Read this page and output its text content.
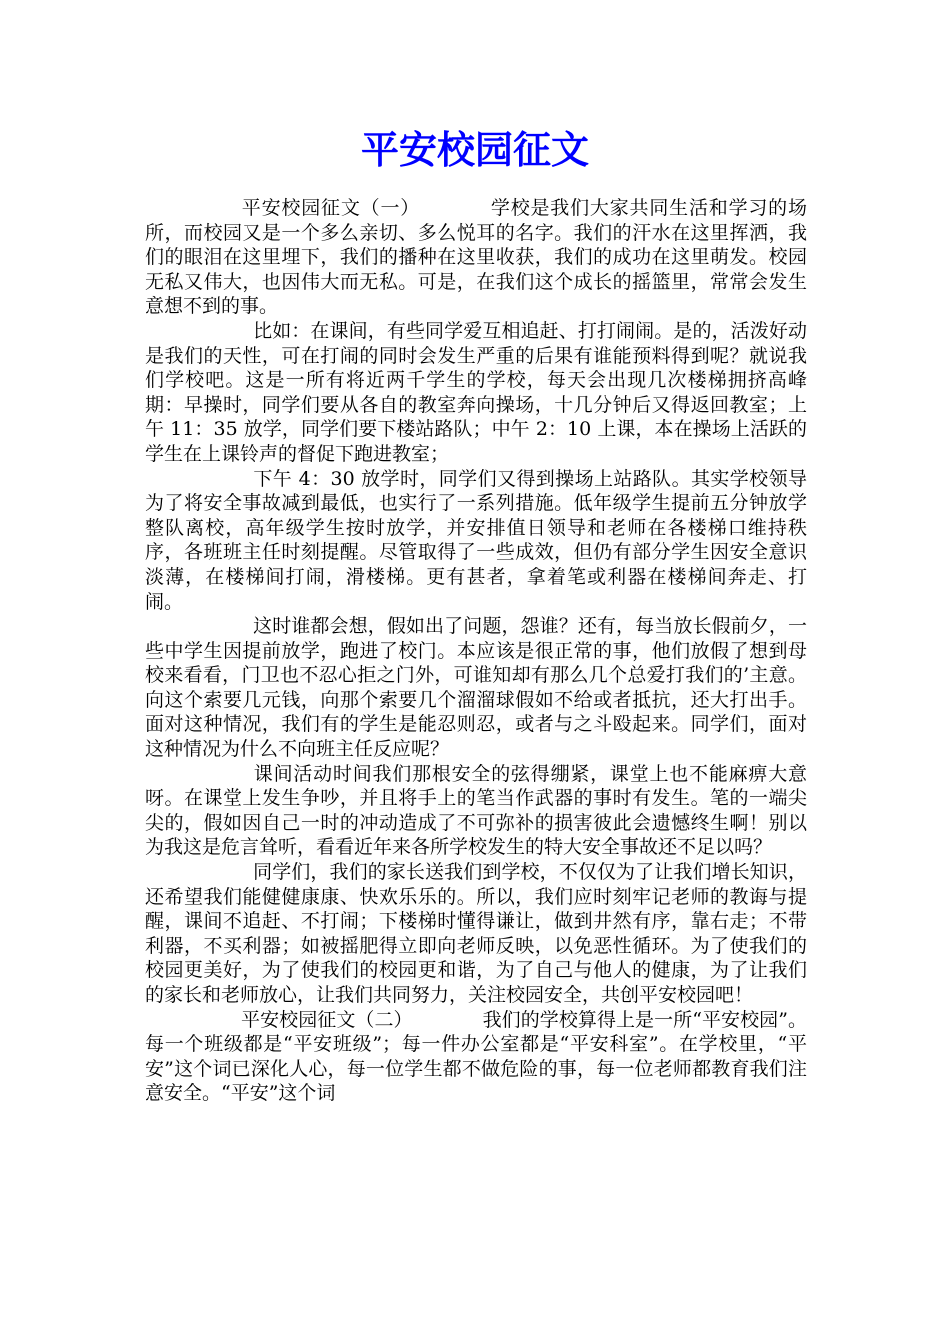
平安校园征文

平安校园征文（一）	学校是我们大家共同生活和学习的场所，而校园又是一个多么亲切、多么悦耳的名字。我们的汗水在这里挥洒，我们的眼泪在这里埋下，我们的播种在这里收获，我们的成功在这里萌发。校园无私又伟大，也因伟大而无私。可是，在我们这个成长的摇篮里，常常会发生意想不到的事。

比如：在课间，有些同学爱互相追赶、打打闹闹。是的，活泼好动是我们的天性，可在打闹的同时会发生严重的后果有谁能预料得到呢？就说我们学校吧。这是一所有将近两千学生的学校，每天会出现几次楼梯拥挤高峰期：早操时，同学们要从各自的教室奔向操场，十几分钟后又得返回教室；上午 11：35 放学，同学们要下楼站路队；中午 2：10 上课，本在操场上活跃的学生在上课铃声的督促下跑进教室；

下午 4：30 放学时，同学们又得到操场上站路队。其实学校领导为了将安全事故减到最低，也实行了一系列措施。低年级学生提前五分钟放学整队离校，高年级学生按时放学，并安排值日领导和老师在各楼梯口维持秩序，各班班主任时刻提醒。尽管取得了一些成效，但仍有部分学生因安全意识淡薄，在楼梯间打闹，滑楼梯。更有甚者，拿着笔或利器在楼梯间奔走、打闹。

这时谁都会想，假如出了问题，怨谁？还有，每当放长假前夕，一些中学生因提前放学，跑进了校门。本应该是很正常的事，他们放假了想到母校来看看，门卫也不忍心拒之门外，可谁知却有那么几个总爱打我们的’主意。向这个索要几元钱，向那个索要几个溜溜球假如不给或者抵抗，还大打出手。面对这种情况，我们有的学生是能忍则忍，或者与之斗殴起来。同学们，面对这种情况为什么不向班主任反应呢？

课间活动时间我们那根安全的弦得绷紧，课堂上也不能麻痹大意呀。在课堂上发生争吵，并且将手上的笔当作武器的事时有发生。笔的一端尖尖的，假如因自己一时的冲动造成了不可弥补的损害彼此会遗憾终生啊！别以为我这是危言耸听，看看近年来各所学校发生的特大安全事故还不足以吗？

同学们，我们的家长送我们到学校，不仅仅为了让我们增长知识，还希望我们能健健康康、快欢乐乐的。所以，我们应时刻牢记老师的教诲与提醒，课间不追赶、不打闹；下楼梯时懂得谦让，做到井然有序，靠右走；不带利器，不买利器；如被摇肥得立即向老师反映，以免恶性循环。为了使我们的校园更美好，为了使我们的校园更和谐，为了自己与他人的健康，为了让我们的家长和老师放心，让我们共同努力，关注校园安全，共创平安校园吧！

平安校园征文（二）	我们的学校算得上是一所“平安校园”。每一个班级都是“平安班级”；每一件办公室都是“平安科室”。在学校里，“平安”这个词已深化人心，每一位学生都不做危险的事，每一位老师都教育我们注意安全。“平安”这个词
